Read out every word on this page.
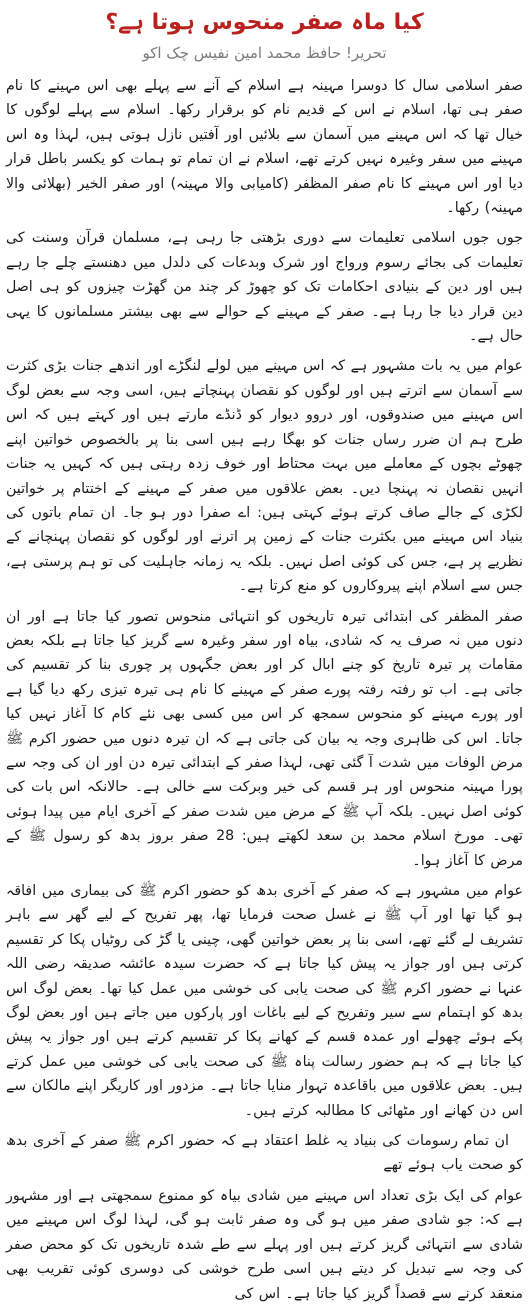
کیا ماہ صفر منحوس ہوتا ہے؟
تحریر! حافظ محمد امین نفیس چک اکو

صفر اسلامی سال کا دوسرا مہینہ ہے اسلام کے آنے سے پہلے بھی اس مہینے کا نام صفر ہی تھا، اسلام نے اس کے قدیم نام کو برقرار رکھا۔ اسلام سے پہلے لوگوں کا خیال تھا کہ اس مہینے میں آسمان سے بلائیں اور آفتیں نازل ہوتی ہیں، لہذا وہ اس مہینے میں سفر وغیرہ نہیں کرتے تھے، اسلام نے ان تمام تو ہمات کو یکسر باطل قرار دیا اور اس مہینے کا نام صفر المظفر (کامیابی والا مہینہ) اور صفر الخیر (بھلائی والا مہینہ) رکھا۔

جوں جوں اسلامی تعلیمات سے دوری بڑھتی جا رہی ہے، مسلمان قرآن وسنت کی تعلیمات کی بجائے رسوم ورواج اور شرک وبدعات کی دلدل میں دھنستے چلے جا رہے ہیں اور دین کے بنیادی احکامات تک کو چھوڑ کر چند من گھڑت چیزوں کو ہی اصل دین قرار دیا جا رہا ہے۔ صفر کے مہینے کے حوالے سے بھی بیشتر مسلمانوں کا یہی حال ہے۔

عوام میں یہ بات مشہور ہے کہ اس مہینے میں لولے لنگڑے اور اندھے جنات بڑی کثرت سے آسمان سے اترتے ہیں اور لوگوں کو نقصان پہنچاتے ہیں، اسی وجہ سے بعض لوگ اس مہینے میں صندوقوں، اور دروو دیوار کو ڈنڈے مارتے ہیں اور کہتے ہیں کہ اس طرح ہم ان ضرر رساں جنات کو بھگا رہے ہیں اسی بنا پر بالخصوص خواتین اپنے چھوٹے بچوں کے معاملے میں بہت محتاط اور خوف زدہ رہتی ہیں کہ کہیں یہ جنات انہیں نقصان نہ پہنچا دیں۔ بعض علاقوں میں صفر کے مہینے کے اختتام پر خواتین لکڑی کے جالے صاف کرتے ہوئے کہتی ہیں: اے صفرا دور ہو جا۔ ان تمام باتوں کی بنیاد اس مہینے میں بکثرت جنات کے زمین پر اترنے اور لوگوں کو نقصان پہنچانے کے نظریے پر ہے، جس کی کوئی اصل نہیں۔ بلکہ یہ زمانہ جاہلیت کی تو ہم پرستی ہے، جس سے اسلام اپنے پیروکاروں کو منع کرتا ہے۔

صفر المظفر کی ابتدائی تیرہ تاریخوں کو انتہائی منحوس تصور کیا جاتا ہے اور ان دنوں میں نہ صرف یہ کہ شادی، بیاہ اور سفر وغیرہ سے گریز کیا جاتا ہے بلکہ بعض مقامات پر تیرہ تاریخ کو چنے ابال کر اور بعض جگہوں پر چوری بنا کر تقسیم کی جاتی ہے۔ اب تو رفتہ رفتہ پورے صفر کے مہینے کا نام ہی تیرہ تیزی رکھ دیا گیا ہے اور پورے مہینے کو منحوس سمجھ کر اس میں کسی بھی نئے کام کا آغاز نہیں کیا جاتا۔ اس کی ظاہری وجہ یہ بیان کی جاتی ہے کہ ان تیرہ دنوں میں حضور اکرم ﷺ مرض الوفات میں شدت آ گئی تھی، لہذا صفر کے ابتدائی تیرہ دن اور ان کی وجہ سے پورا مہینہ منحوس اور ہر قسم کی خیر وبرکت سے خالی ہے۔ حالانکہ اس بات کی کوئی اصل نہیں۔ بلکہ آپ ﷺ کے مرض میں شدت صفر کے آخری ایام میں پیدا ہوئی تھی۔ مورخ اسلام محمد بن سعد لکھتے ہیں: 28 صفر بروز بدھ کو رسول ﷺ کے مرض کا آغاز ہوا۔

عوام میں مشہور ہے کہ صفر کے آخری بدھ کو حضور اکرم ﷺ کی بیماری میں افاقہ ہو گیا تھا اور آپ ﷺ نے غسل صحت فرمایا تھا، پھر تفریح کے لیے گھر سے باہر تشریف لے گئے تھے، اسی بنا پر بعض خواتین گھی، چینی یا گڑ کی روٹیاں پکا کر تقسیم کرتی ہیں اور جواز یہ پیش کیا جاتا ہے کہ حضرت سیدہ عائشہ صدیقہ رضی اللہ عنہا نے حضور اکرم ﷺ کی صحت یابی کی خوشی میں عمل کیا تھا۔ بعض لوگ اس بدھ کو اہتمام سے سیر وتفریح کے لیے باغات اور پارکوں میں جاتے ہیں اور بعض لوگ پکے ہوئے چھولے اور عمدہ قسم کے کھانے پکا کر تقسیم کرتے ہیں اور جواز یہ پیش کیا جاتا ہے کہ ہم حضور رسالت پناہ ﷺ کی صحت یابی کی خوشی میں عمل کرتے ہیں۔ بعض علاقوں میں باقاعدہ تہوار منایا جاتا ہے۔ مزدور اور کاریگر اپنے مالکان سے اس دن کھانے اور مٹھائی کا مطالبہ کرتے ہیں۔

ان تمام رسومات کی بنیاد یہ غلط اعتقاد ہے کہ حضور اکرم ﷺ صفر کے آخری بدھ کو صحت یاب ہوئے تھے

عوام کی ایک بڑی تعداد اس مہینے میں شادی بیاہ کو ممنوع سمجھتی ہے اور مشہور ہے کہ: جو شادی صفر میں ہو گی وہ صفر ثابت ہو گی، لہذا لوگ اس مہینے میں شادی سے انتہائی گریز کرتے ہیں اور پہلے سے طے شدہ تاریخوں تک کو محض صفر کی وجہ سے تبدیل کر دیتے ہیں اسی طرح خوشی کی دوسری کوئی تقریب بھی منعقد کرنے سے قصداً گریز کیا جاتا ہے۔ اس کی
